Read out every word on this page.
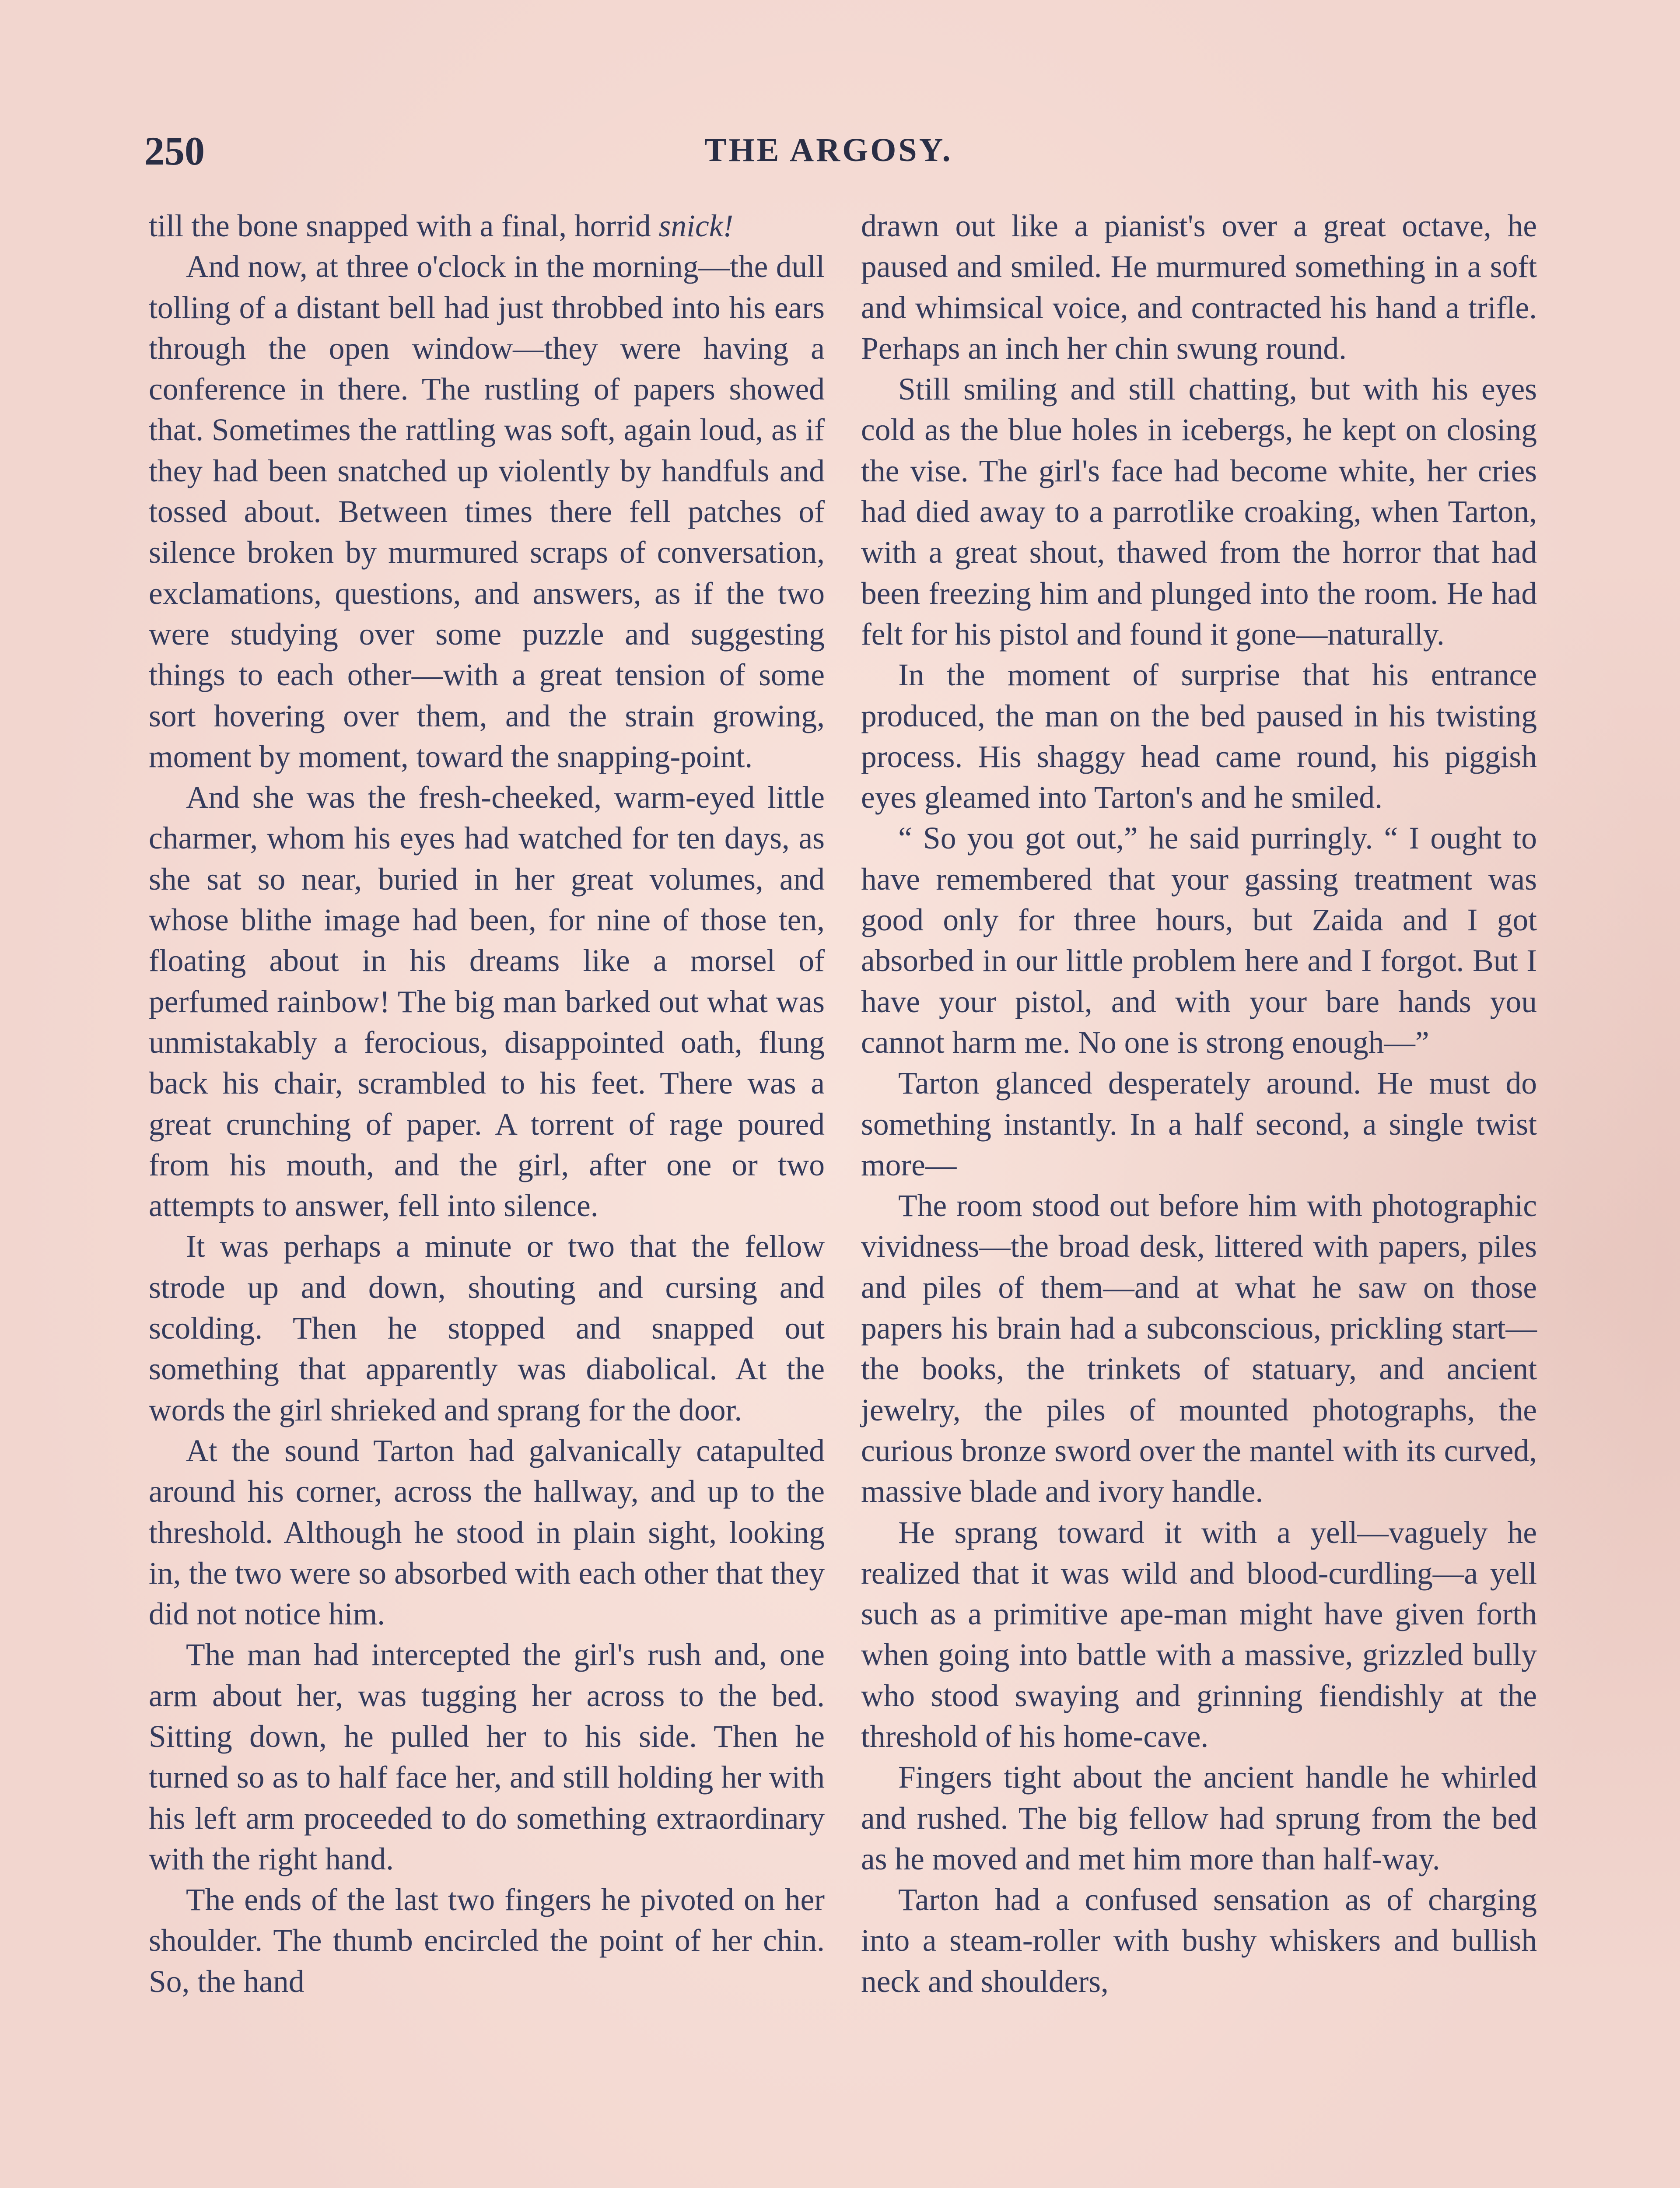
250	THE ARGOSY.

till the bone snapped with a final, horrid snick!

And now, at three o'clock in the morning—the dull tolling of a distant bell had just throbbed into his ears through the open window—they were having a conference in there. The rustling of papers showed that. Sometimes the rattling was soft, again loud, as if they had been snatched up violently by handfuls and tossed about. Between times there fell patches of silence broken by murmured scraps of conversation, exclamations, questions, and answers, as if the two were studying over some puzzle and suggesting things to each other—with a great tension of some sort hovering over them, and the strain growing, moment by moment, toward the snapping-point.

And she was the fresh-cheeked, warm-eyed little charmer, whom his eyes had watched for ten days, as she sat so near, buried in her great volumes, and whose blithe image had been, for nine of those ten, floating about in his dreams like a morsel of perfumed rainbow! The big man barked out what was unmistakably a ferocious, disappointed oath, flung back his chair, scrambled to his feet. There was a great crunching of paper. A torrent of rage poured from his mouth, and the girl, after one or two attempts to answer, fell into silence.

It was perhaps a minute or two that the fellow strode up and down, shouting and cursing and scolding. Then he stopped and snapped out something that apparently was diabolical. At the words the girl shrieked and sprang for the door.

At the sound Tarton had galvanically catapulted around his corner, across the hallway, and up to the threshold. Although he stood in plain sight, looking in, the two were so absorbed with each other that they did not notice him.

The man had intercepted the girl's rush and, one arm about her, was tugging her across to the bed. Sitting down, he pulled her to his side. Then he turned so as to half face her, and still holding her with his left arm proceeded to do something extraordinary with the right hand.

The ends of the last two fingers he pivoted on her shoulder. The thumb encircled the point of her chin. So, the hand

drawn out like a pianist's over a great octave, he paused and smiled. He murmured something in a soft and whimsical voice, and contracted his hand a trifle. Perhaps an inch her chin swung round.

Still smiling and still chatting, but with his eyes cold as the blue holes in icebergs, he kept on closing the vise. The girl's face had become white, her cries had died away to a parrotlike croaking, when Tarton, with a great shout, thawed from the horror that had been freezing him and plunged into the room. He had felt for his pistol and found it gone—naturally.

In the moment of surprise that his entrance produced, the man on the bed paused in his twisting process. His shaggy head came round, his piggish eyes gleamed into Tarton's and he smiled.

“ So you got out,” he said purringly. “ I ought to have remembered that your gassing treatment was good only for three hours, but Zaida and I got absorbed in our little problem here and I forgot. But I have your pistol, and with your bare hands you cannot harm me. No one is strong enough—”

Tarton glanced desperately around. He must do something instantly. In a half second, a single twist more—

The room stood out before him with photographic vividness—the broad desk, littered with papers, piles and piles of them—and at what he saw on those papers his brain had a subconscious, prickling start—the books, the trinkets of statuary, and ancient jewelry, the piles of mounted photographs, the curious bronze sword over the mantel with its curved, massive blade and ivory handle.

He sprang toward it with a yell—vaguely he realized that it was wild and blood-curdling—a yell such as a primitive ape-man might have given forth when going into battle with a massive, grizzled bully who stood swaying and grinning fiendishly at the threshold of his home-cave.

Fingers tight about the ancient handle he whirled and rushed. The big fellow had sprung from the bed as he moved and met him more than half-way.

Tarton had a confused sensation as of charging into a steam-roller with bushy whiskers and bullish neck and shoulders,
